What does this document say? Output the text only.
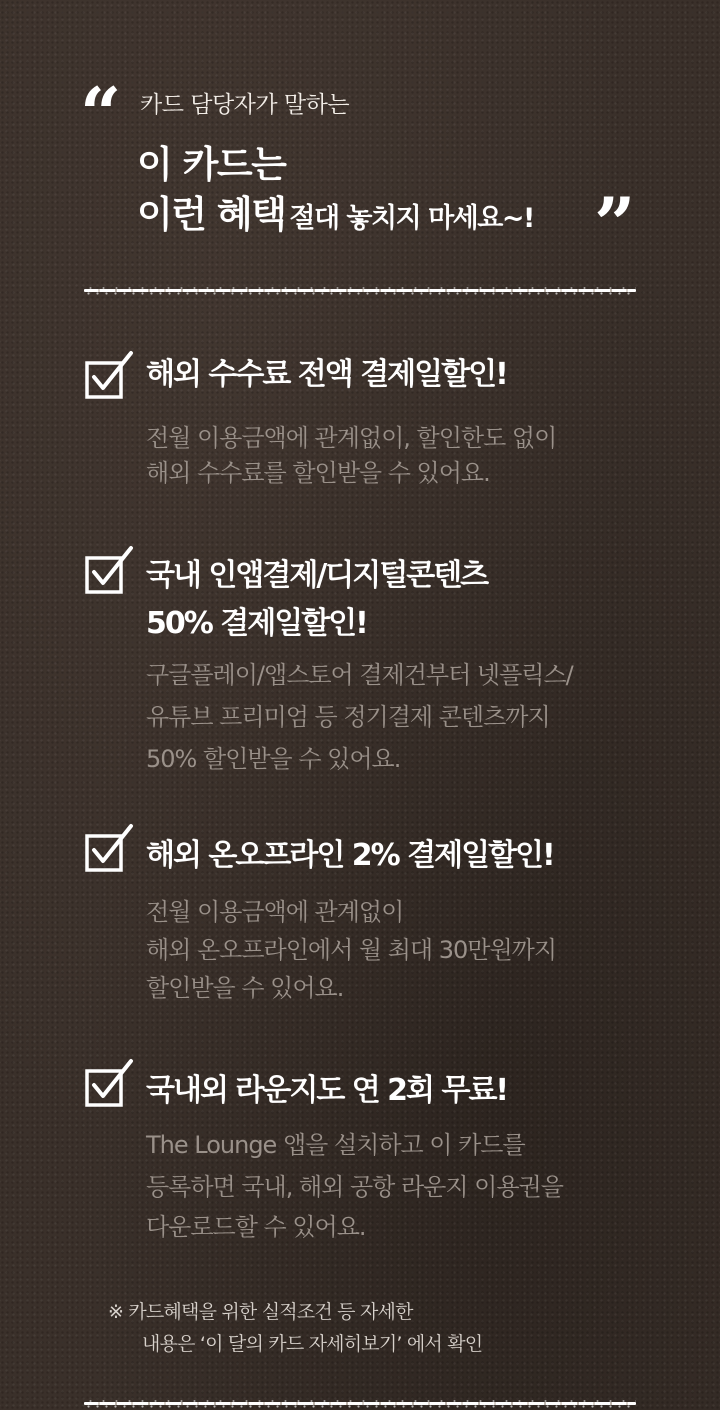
“ 카드 담당자가 말하는
이 카드는
이런 혜택 절대 놓치지 마세요~! ”
해외 수수료 전액 결제일할인!
전월 이용금액에 관계없이, 할인한도 없이
해외 수수료를 할인받을 수 있어요.
국내 인앱결제/디지털콘텐츠
50% 결제일할인!
구글플레이/앱스토어 결제건부터 넷플릭스/
유튜브 프리미엄 등 정기결제 콘텐츠까지
50% 할인받을 수 있어요.
해외 온오프라인 2% 결제일할인!
전월 이용금액에 관계없이
해외 온오프라인에서 월 최대 30만원까지
할인받을 수 있어요.
국내외 라운지도 연 2회 무료!
The Lounge 앱을 설치하고 이 카드를
등록하면 국내, 해외 공항 라운지 이용권을
다운로드할 수 있어요.
※ 카드혜택을 위한 실적조건 등 자세한
내용은 ‘이 달의 카드 자세히보기’ 에서 확인
